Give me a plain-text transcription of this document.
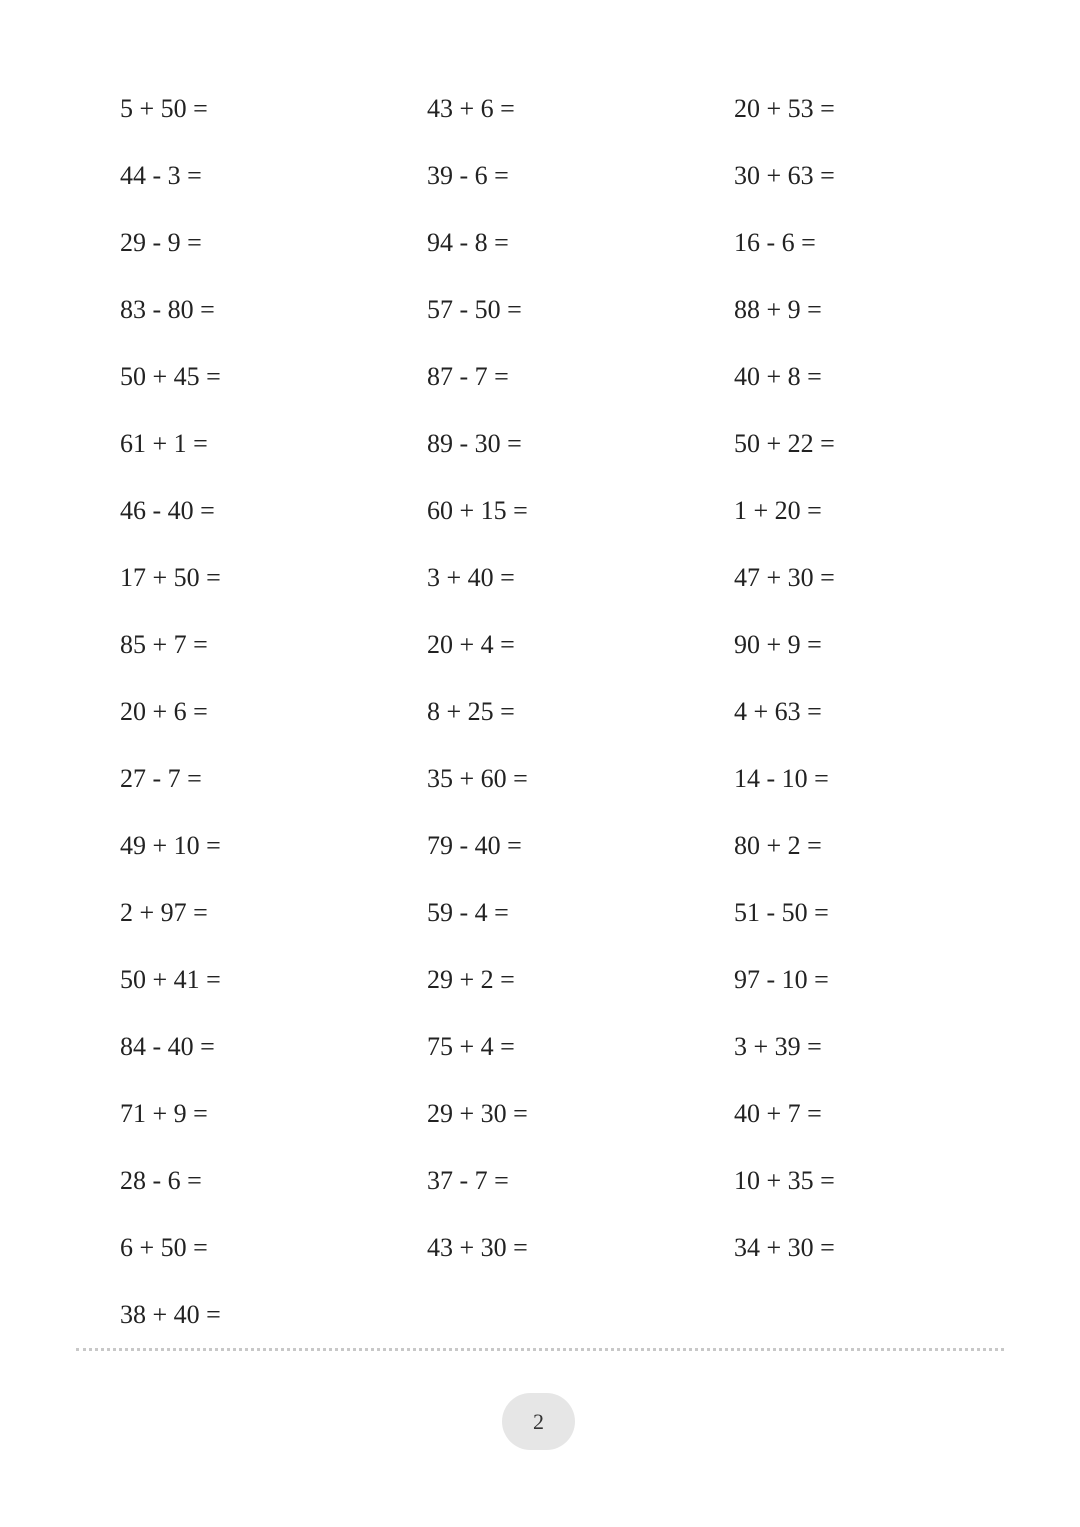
5 + 50 =
44 - 3 =
29 - 9 =
83 - 80 =
50 + 45 =
61 + 1 =
46 - 40 =
17 + 50 =
85 + 7 =
20 + 6 =
27 - 7 =
49 + 10 =
2 + 97 =
50 + 41 =
84 - 40 =
71 + 9 =
28 - 6 =
6 + 50 =
38 + 40 =
43 + 6 =
39 - 6 =
94 - 8 =
57 - 50 =
87 - 7 =
89 - 30 =
60 + 15 =
3 + 40 =
20 + 4 =
8 + 25 =
35 + 60 =
79 - 40 =
59 - 4 =
29 + 2 =
75 + 4 =
29 + 30 =
37 - 7 =
43 + 30 =
20 + 53 =
30 + 63 =
16 - 6 =
88 + 9 =
40 + 8 =
50 + 22 =
1 + 20 =
47 + 30 =
90 + 9 =
4 + 63 =
14 - 10 =
80 + 2 =
51 - 50 =
97 - 10 =
3 + 39 =
40 + 7 =
10 + 35 =
34 + 30 =
2
